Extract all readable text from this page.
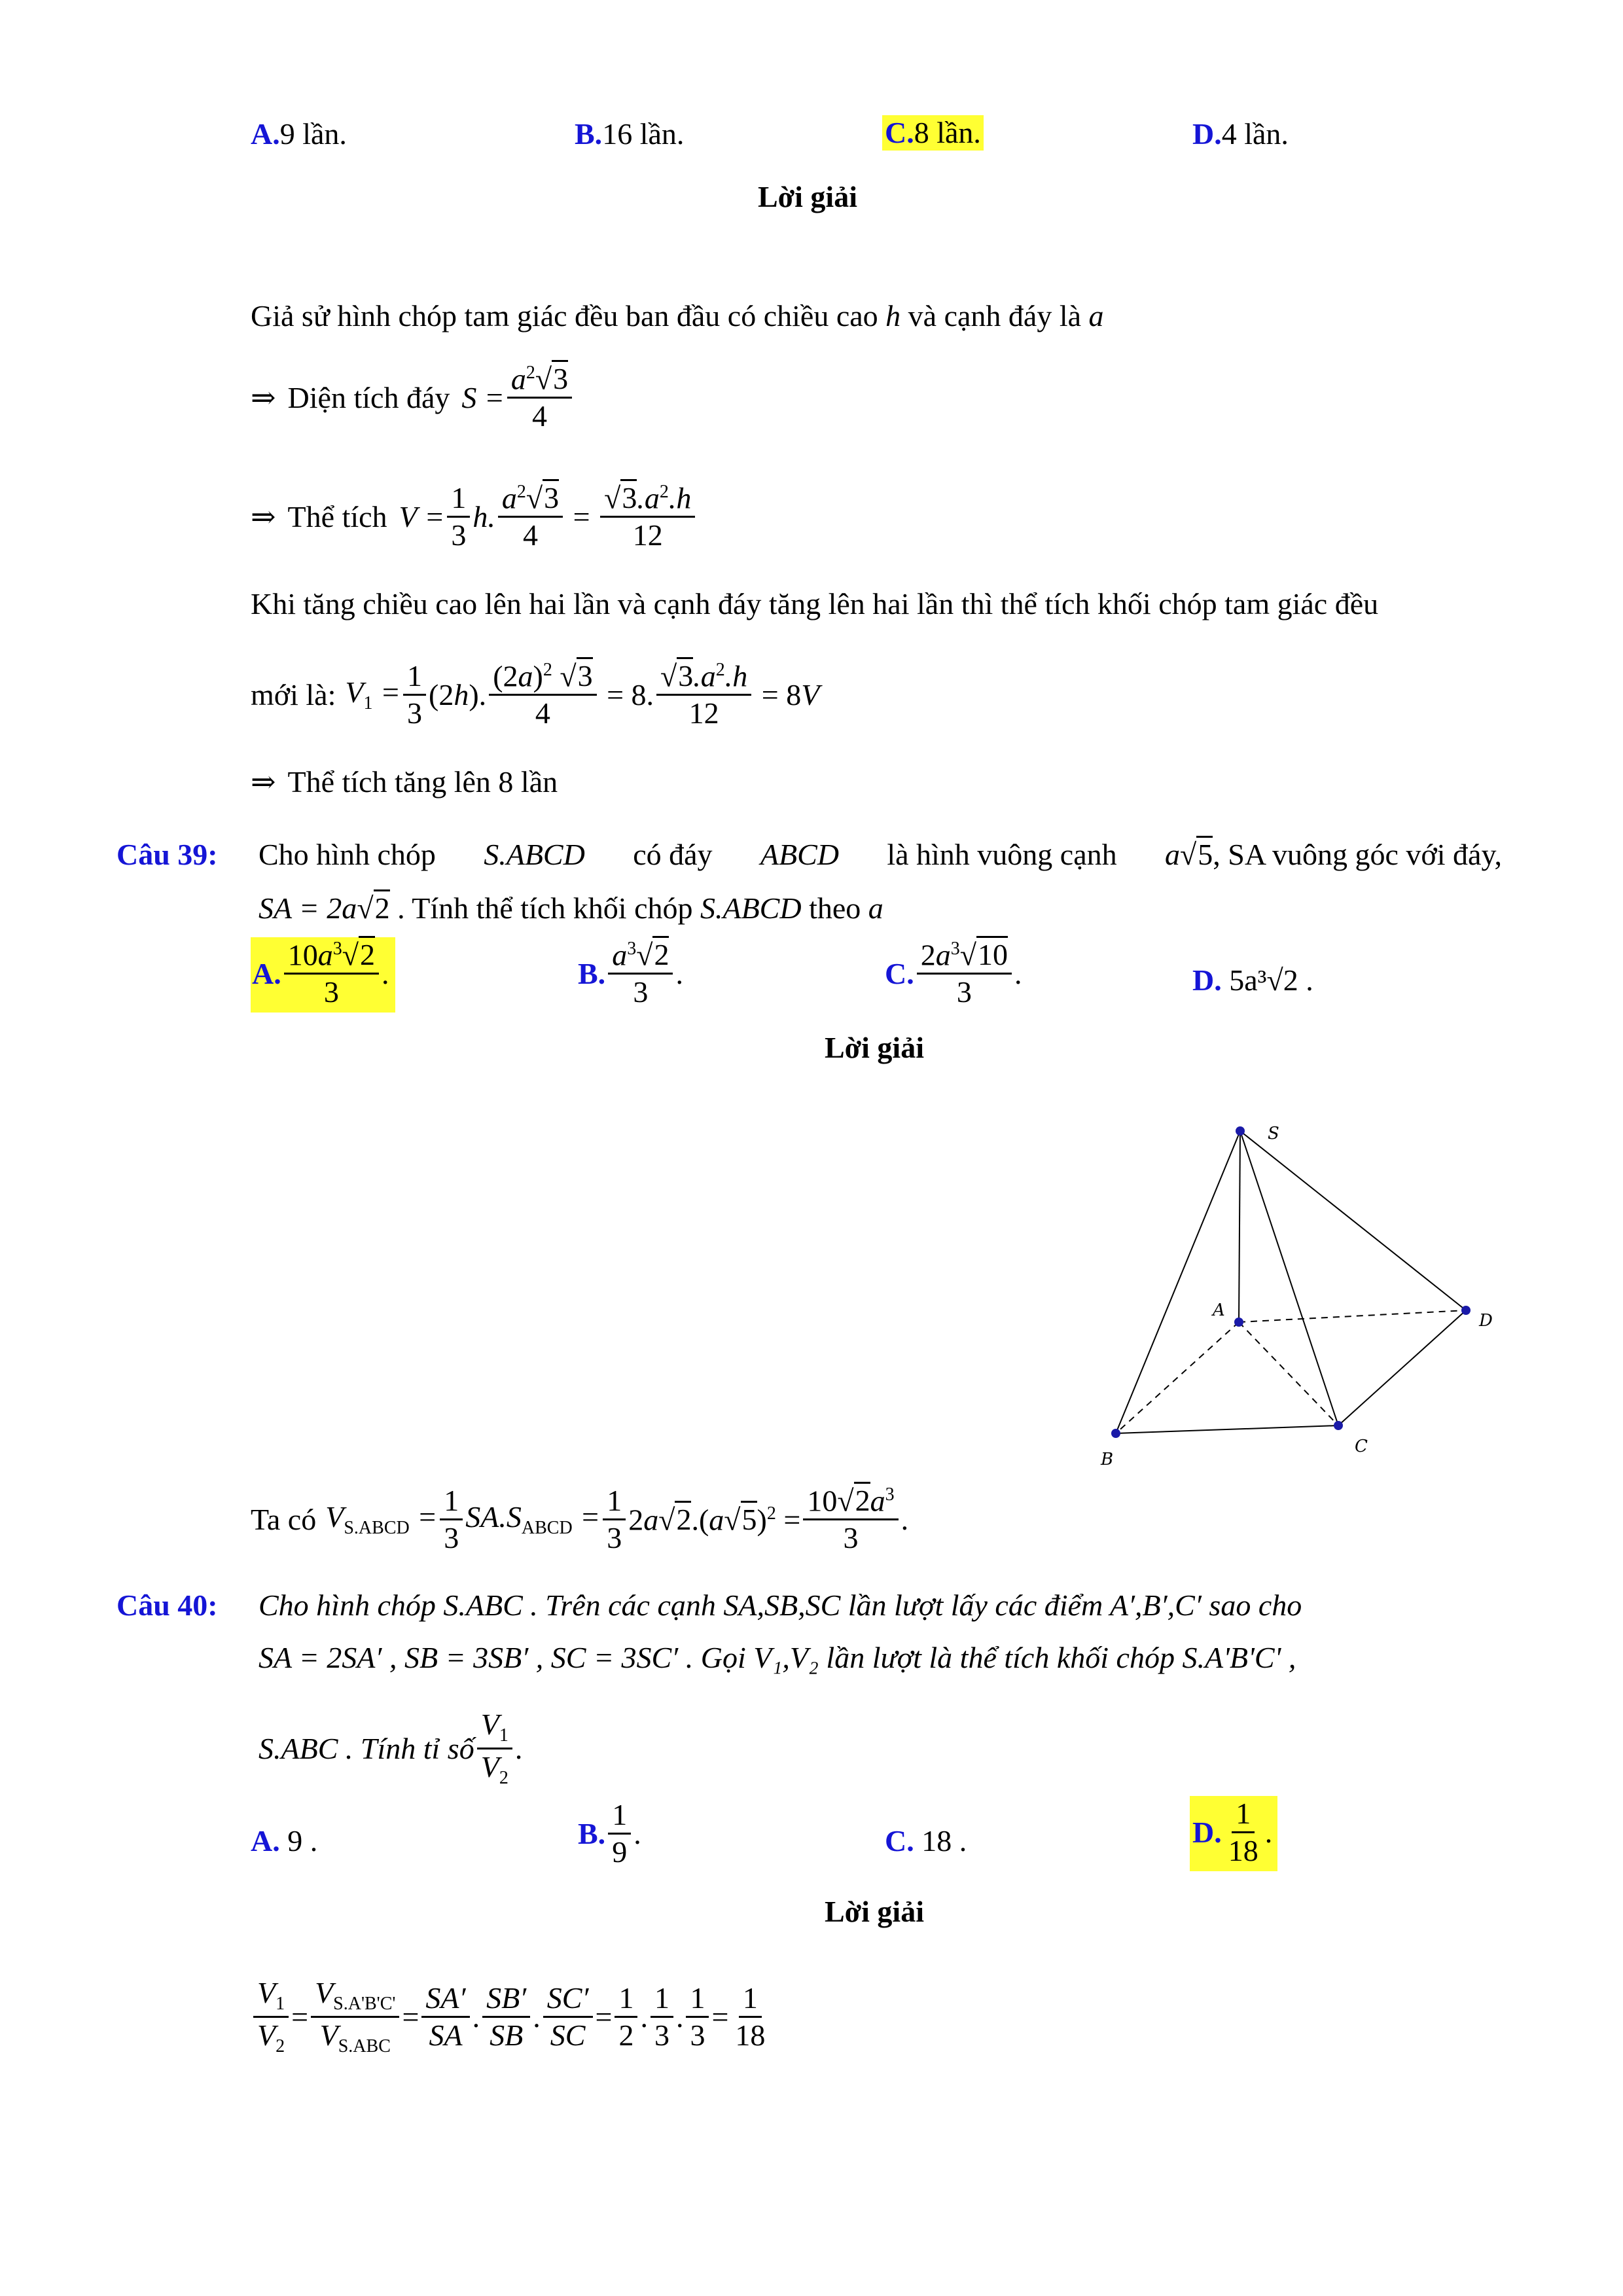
A.9 lần.	B.16 lần.	C.8 lần.	D.4 lần.
Lời giải
Giả sử hình chóp tam giác đều ban đầu có chiều cao h và cạnh đáy là a
⇒ Diện tích đáy $S = \frac{a^2√3}{4}$
⇒ Thể tích $V = \frac{1}{3} h$. $\frac{a^2√3}{4} = \frac{√3.a^2.h}{12}$
Khi tăng chiều cao lên hai lần và cạnh đáy tăng lên hai lần thì thể tích khối chóp tam giác đều
mới là: $V_1 = \frac{1}{3} (2h)$. $\frac{(2a)^2 √3}{4} = 8$. $\frac{√3.a^2.h}{12} = 8V$
⇒ Thể tích tăng lên 8 lần
Câu 39: Cho hình chóp S.ABCD có đáy ABCD là hình vuông cạnh a√5, SA vuông góc với đáy,
SA = 2a√2 . Tính thể tích khối chóp S.ABCD theo a
A. $\frac{10a^3√2}{3}$ .	B. $\frac{a^3√2}{3}$ .	C. $\frac{2a^3√10}{3}$ .	D. 5a³√2 .
Lời giải
S
A
B
C
D
Ta có $V_{S.ABCD} = \frac{1}{3} SA.S_{ABCD} = \frac{1}{3} 2a√2.(a√5)^2 = \frac{10√2a^3}{3}$ .
Câu 40: Cho hình chóp S.ABC . Trên các cạnh SA,SB,SC lần lượt lấy các điểm A′,B′,C′ sao cho
SA = 2SA′ , SB = 3SB′ , SC = 3SC′ . Gọi V₁,V₂ lần lượt là thể tích khối chóp S.A'B'C' ,
S.ABC . Tính tỉ số $\frac{V_1}{V_2}$ .
A. 9 .	B. $\frac{1}{9}$ .	C. 18 .	D. $\frac{1}{18}$ .
Lời giải
$\frac{V_1}{V_2} = \frac{V_{S.A'B'C'}}{V_{S.ABC}} = \frac{SA'}{SA}$ . $\frac{SB'}{SB}$ . $\frac{SC'}{SC} = \frac{1}{2}$ . $\frac{1}{3}$ . $\frac{1}{3} = \frac{1}{18}$
